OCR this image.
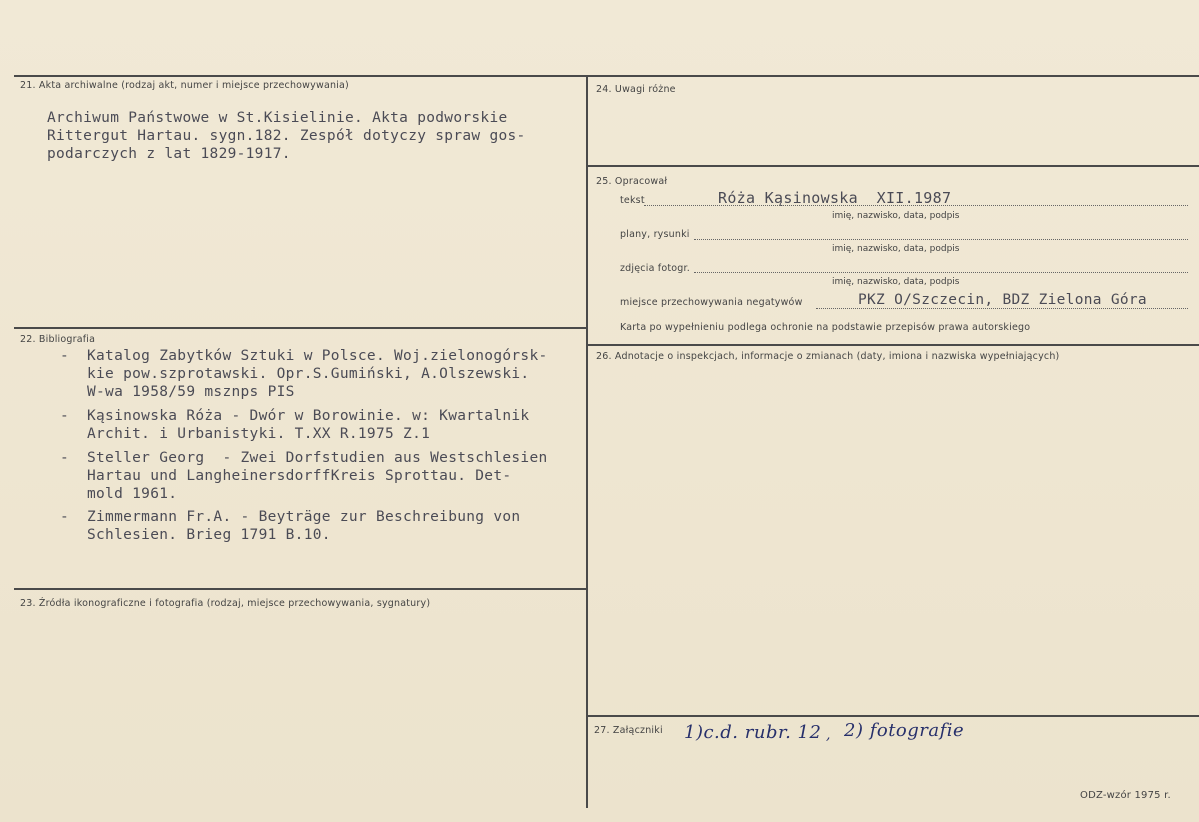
21. Akta archiwalne (rodzaj akt, numer i miejsce przechowywania)
Archiwum Państwowe w St.Kisielinie. Akta podworskie
Rittergut Hartau. sygn.182. Zespół dotyczy spraw gos-
podarczych z lat 1829-1917.
22. Bibliografia
- Katalog Zabytków Sztuki w Polsce. Woj.zielonogórsk-
kie pow.szprotawski. Opr.S.Gumiński, A.Olszewski.
W-wa 1958/59 msznps PIS
- Kąsinowska Róża - Dwór w Borowinie. w: Kwartalnik
Archit. i Urbanistyki. T.XX R.1975 Z.1
- Steller Georg  - Zwei Dorfstudien aus Westschlesien
Hartau und LangheinersdorffKreis Sprottau. Det-
mold 1961.
- Zimmermann Fr.A. - Beyträge zur Beschreibung von
Schlesien. Brieg 1791 B.10.
23. Źródła ikonograficzne i fotografia (rodzaj, miejsce przechowywania, sygnatury)
24. Uwagi różne
25. Opracował
tekst	Róża Kąsinowska  XII.1987
imię, nazwisko, data, podpis
plany, rysunki
imię, nazwisko, data, podpis
zdjęcia fotogr.
imię, nazwisko, data, podpis
miejsce przechowywania negatywów	PKZ O/Szczecin, BDZ Zielona Góra
Karta po wypełnieniu podlega ochronie na podstawie przepisów prawa autorskiego
26. Adnotacje o inspekcjach, informacje o zmianach (daty, imiona i nazwiska wypełniających)
27. Załączniki 1)c.d. rubr. 12 , 2) fotografie
ODZ-wzór 1975 r.
